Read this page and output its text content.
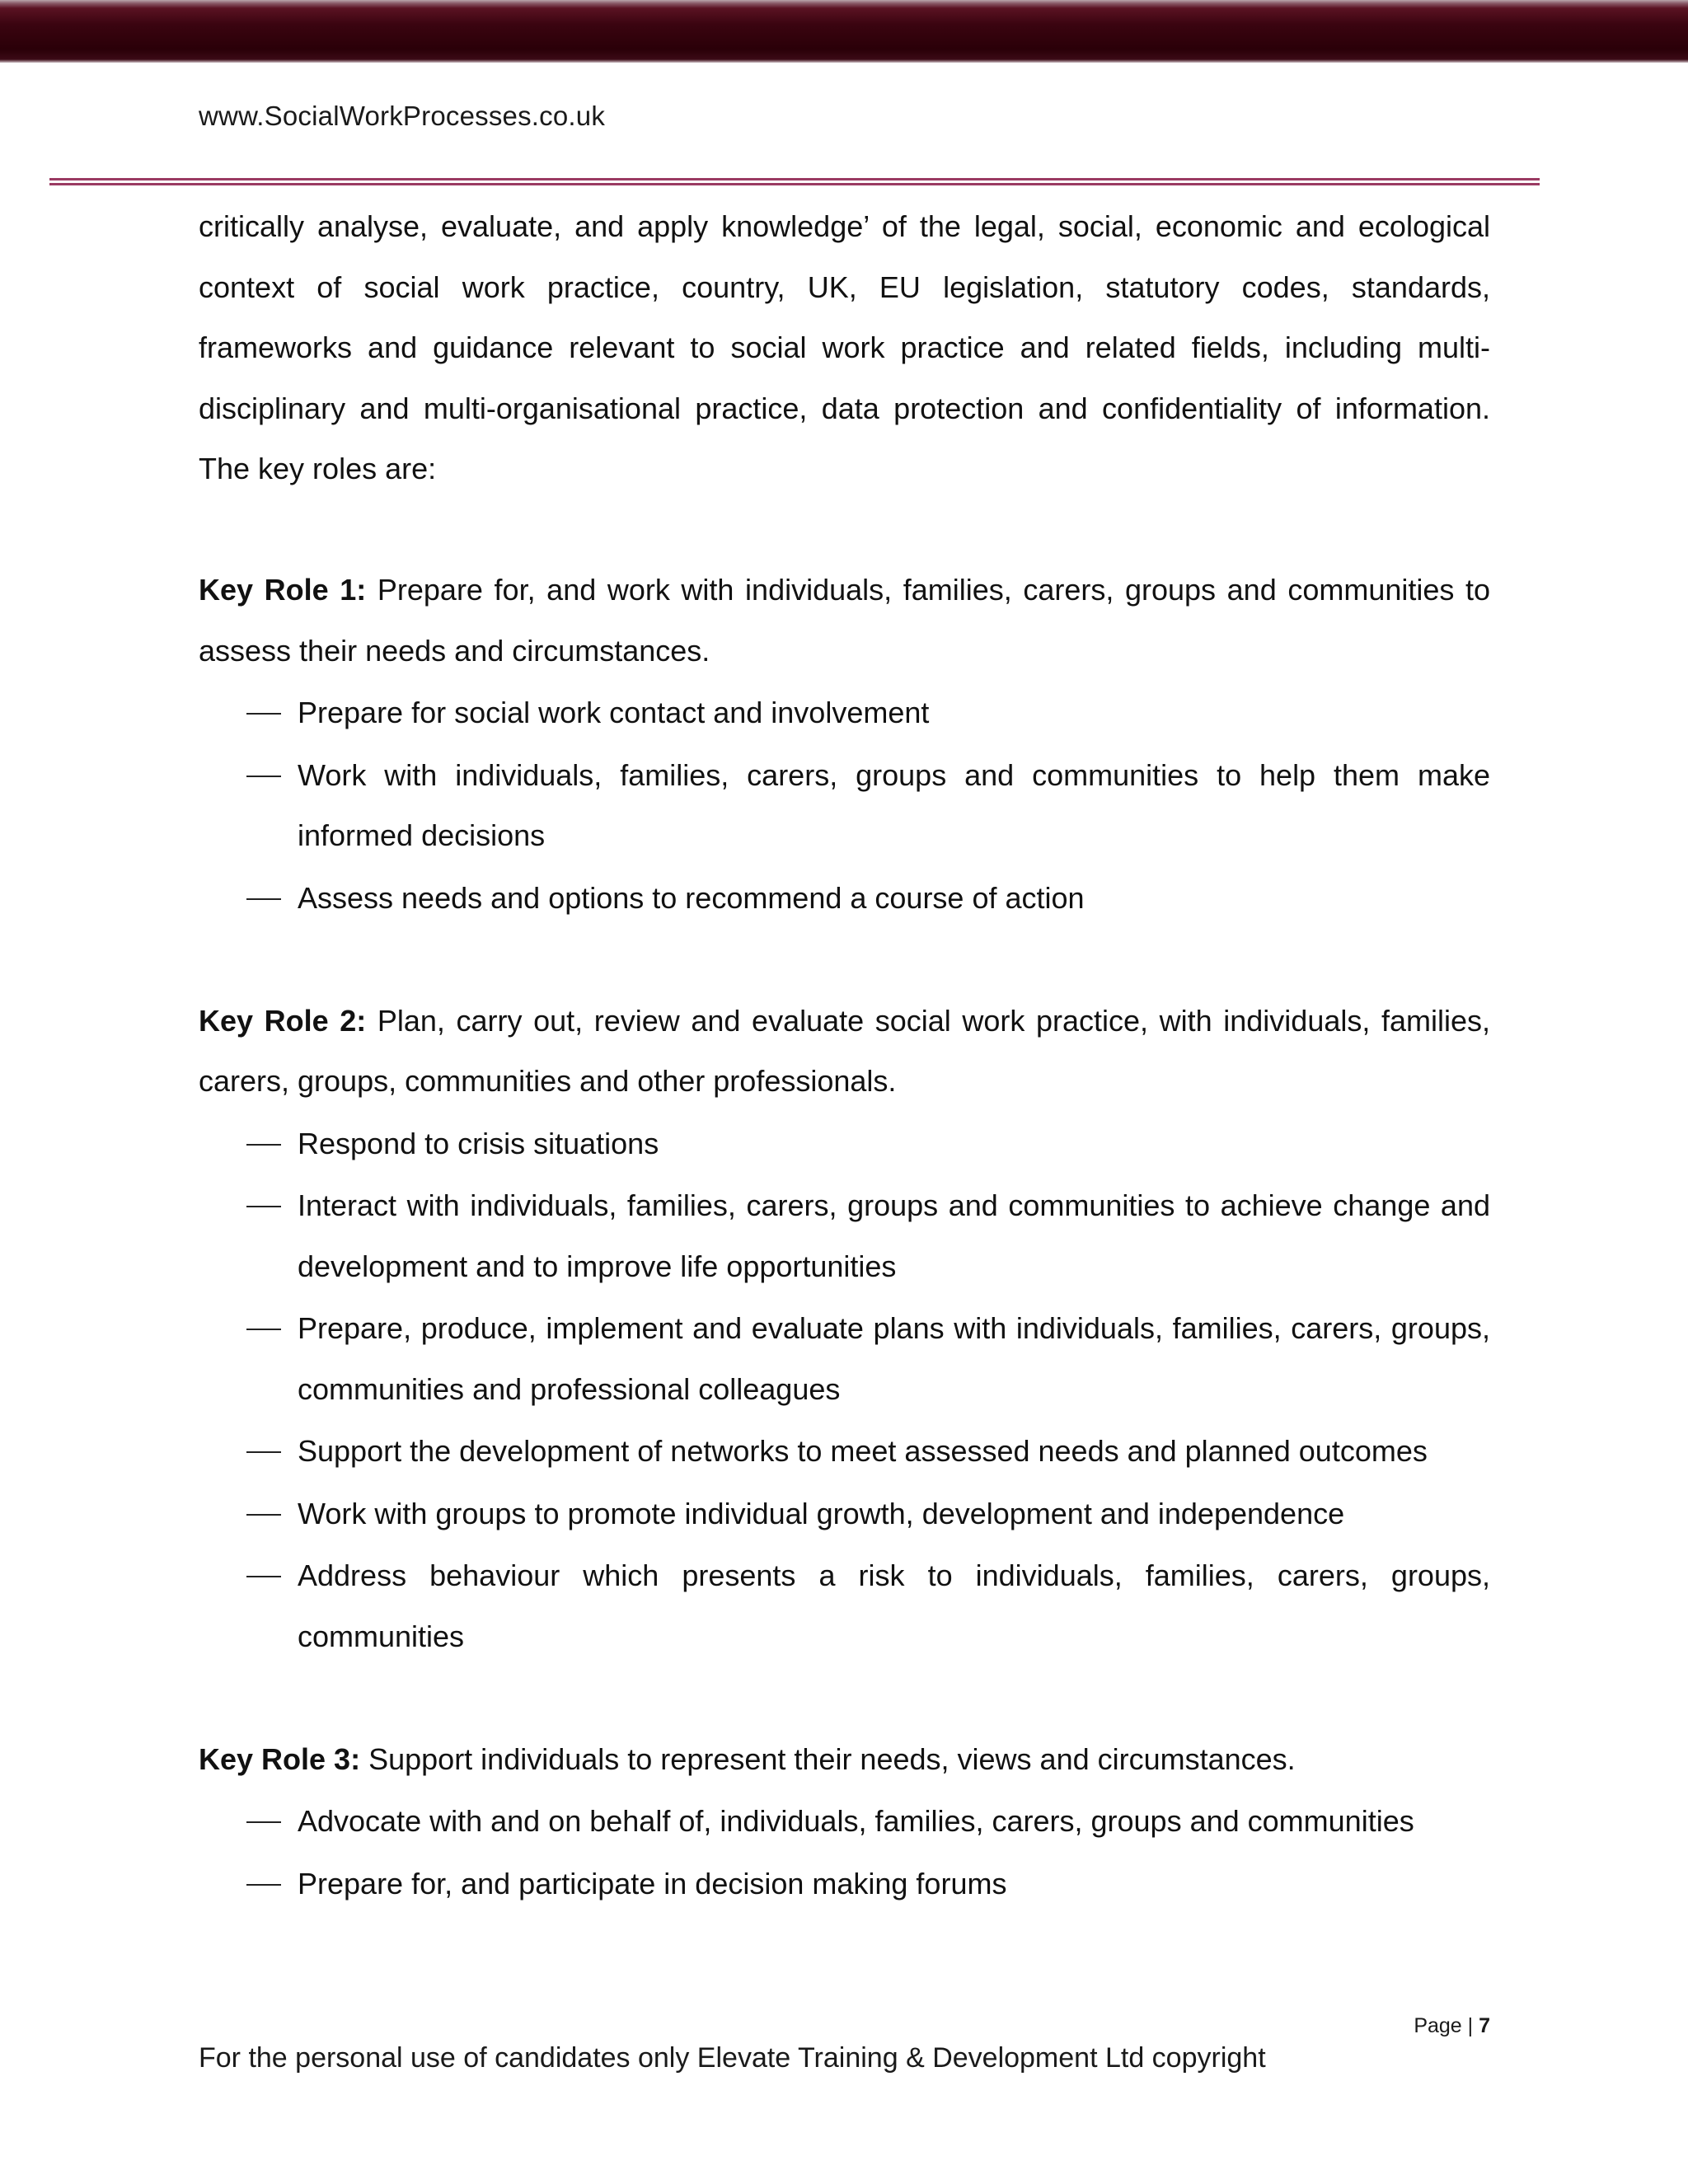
www.SocialWorkProcesses.co.uk

critically analyse, evaluate, and apply knowledge’ of the legal, social, economic and ecological context of social work practice, country, UK, EU legislation, statutory codes, standards, frameworks and guidance relevant to social work practice and related fields, including multi-disciplinary and multi-organisational practice, data protection and confidentiality of information. The key roles are:

Key Role 1: Prepare for, and work with individuals, families, carers, groups and communities to assess their needs and circumstances.

Prepare for social work contact and involvement
Work with individuals, families, carers, groups and communities to help them make informed decisions
Assess needs and options to recommend a course of action

Key Role 2: Plan, carry out, review and evaluate social work practice, with individuals, families, carers, groups, communities and other professionals.

Respond to crisis situations
Interact with individuals, families, carers, groups and communities to achieve change and development and to improve life opportunities
Prepare, produce, implement and evaluate plans with individuals, families, carers, groups, communities and professional colleagues
Support the development of networks to meet assessed needs and planned outcomes
Work with groups to promote individual growth, development and independence
Address behaviour which presents a risk to individuals, families, carers, groups, communities

Key Role 3: Support individuals to represent their needs, views and circumstances.

Advocate with and on behalf of, individuals, families, carers, groups and communities
Prepare for, and participate in decision making forums
Page | 7
For the personal use of candidates only Elevate Training & Development Ltd copyright
